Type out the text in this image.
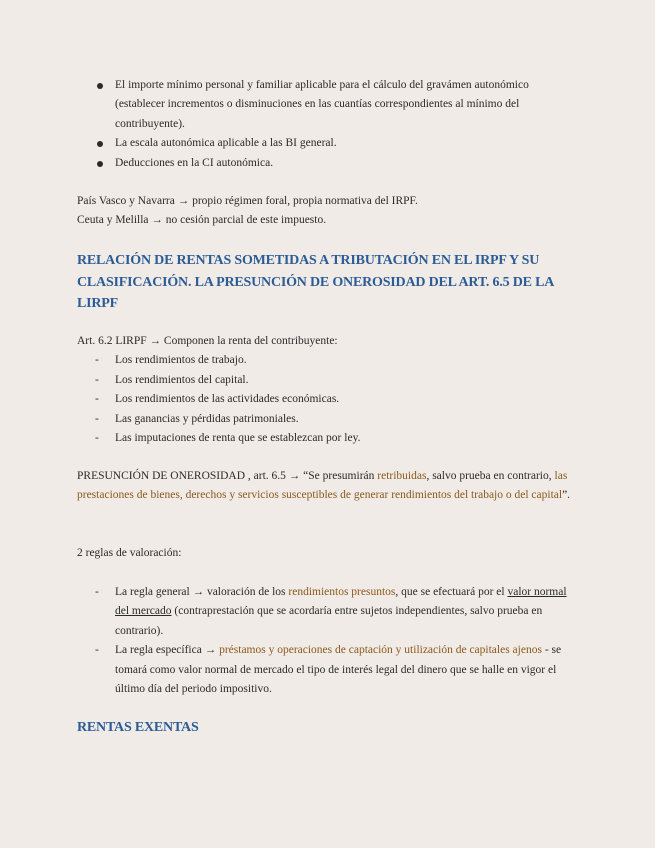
El importe mínimo personal y familiar aplicable para el cálculo del gravámen autonómico (establecer incrementos o disminuciones en las cuantías correspondientes al mínimo del contribuyente).
La escala autonómica aplicable a las BI general.
Deducciones en la CI autonómica.

País Vasco y Navarra → propio régimen foral, propia normativa del IRPF.

Ceuta y Melilla → no cesión parcial de este impuesto.

RELACIÓN DE RENTAS SOMETIDAS A TRIBUTACIÓN EN EL IRPF Y SU CLASIFICACIÓN. LA PRESUNCIÓN DE ONEROSIDAD DEL ART. 6.5 DE LA LIRPF

Art. 6.2 LIRPF → Componen la renta del contribuyente:

- Los rendimientos de trabajo.
- Los rendimientos del capital.
- Los rendimientos de las actividades económicas.
- Las ganancias y pérdidas patrimoniales.
- Las imputaciones de renta que se establezcan por ley.

PRESUNCIÓN DE ONEROSIDAD , art. 6.5 → “Se presumirán retribuidas, salvo prueba en contrario, las prestaciones de bienes, derechos y servicios susceptibles de generar rendimientos del trabajo o del capital”.

2 reglas de valoración:
- La regla general → valoración de los rendimientos presuntos, que se efectuará por el valor normal del mercado (contraprestación que se acordaría entre sujetos independientes, salvo prueba en contrario).
- La regla específica → préstamos y operaciones de captación y utilización de capitales ajenos - se tomará como valor normal de mercado el tipo de interés legal del dinero que se halle en vigor el último día del periodo impositivo.
RENTAS EXENTAS
